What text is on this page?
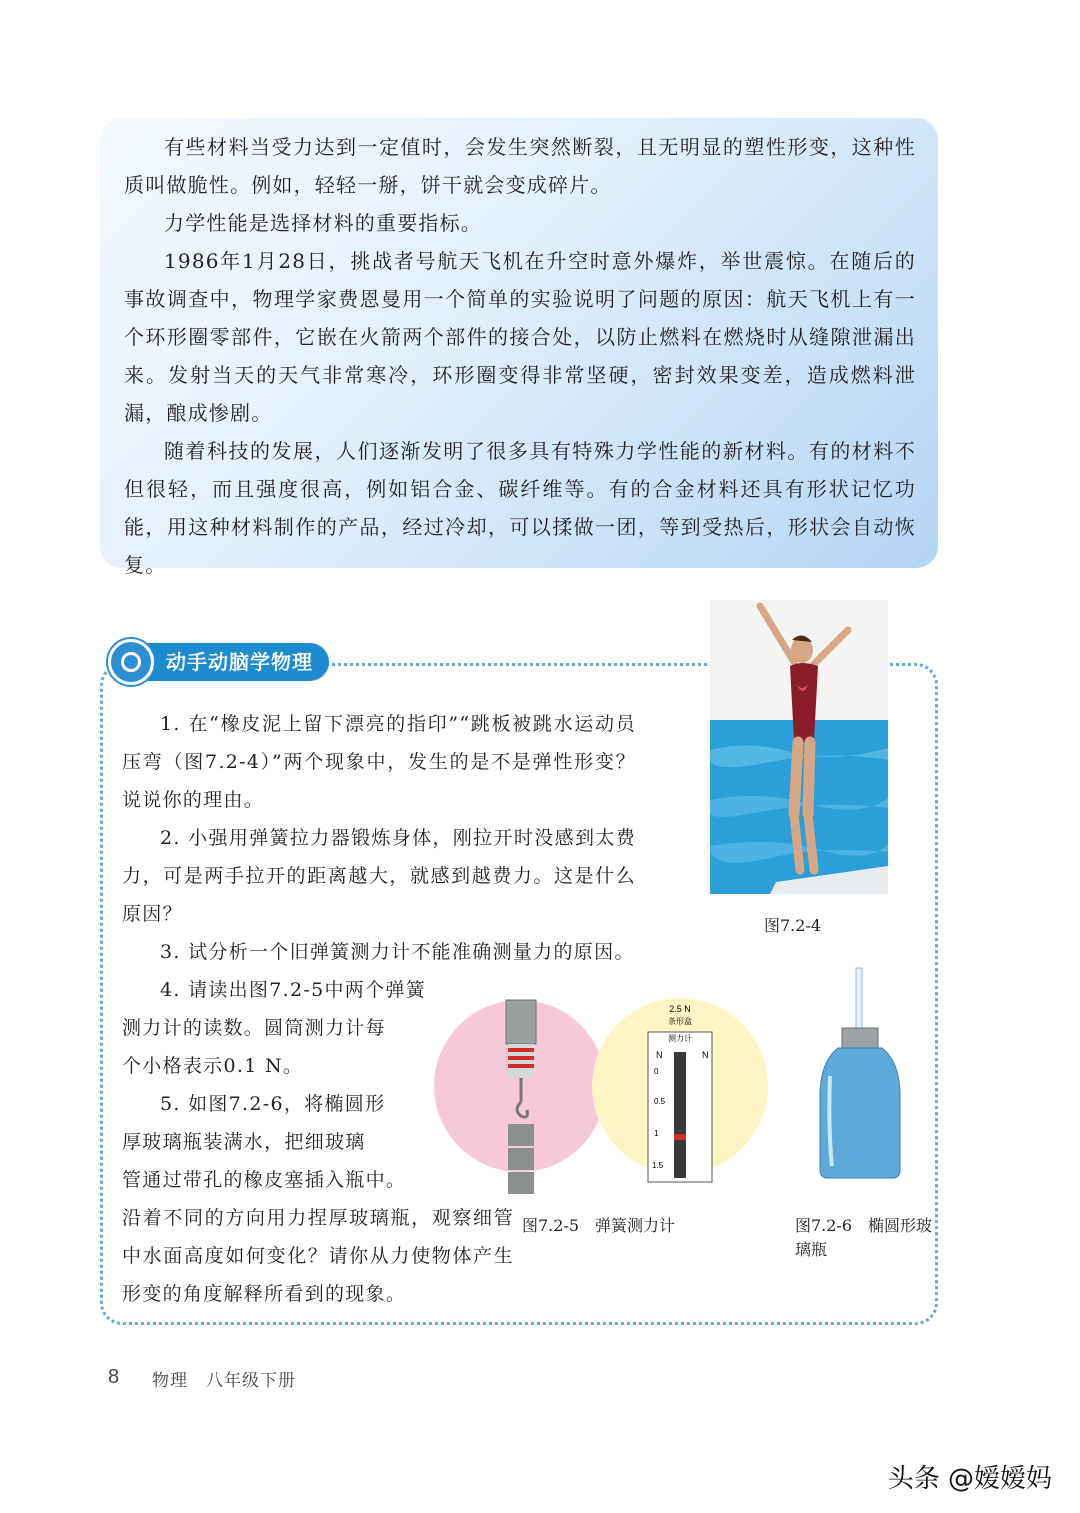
有些材料当受力达到一定值时，会发生突然断裂，且无明显的塑性形变，这种性质叫做脆性。例如，轻轻一掰，饼干就会变成碎片。

力学性能是选择材料的重要指标。

1986年1月28日，挑战者号航天飞机在升空时意外爆炸，举世震惊。在随后的事故调查中，物理学家费恩曼用一个简单的实验说明了问题的原因：航天飞机上有一个环形圈零部件，它嵌在火箭两个部件的接合处，以防止燃料在燃烧时从缝隙泄漏出来。发射当天的天气非常寒冷，环形圈变得非常坚硬，密封效果变差，造成燃料泄漏，酿成惨剧。

随着科技的发展，人们逐渐发明了很多具有特殊力学性能的新材料。有的材料不但很轻，而且强度很高，例如铝合金、碳纤维等。有的合金材料还具有形状记忆功能，用这种材料制作的产品，经过冷却，可以揉做一团，等到受热后，形状会自动恢复。

动手动脑学物理

1. 在“橡皮泥上留下漂亮的指印”“跳板被跳水运动员压弯（图7.2-4）”两个现象中，发生的是不是弹性形变？说说你的理由。

2. 小强用弹簧拉力器锻炼身体，刚拉开时没感到太费力，可是两手拉开的距离越大，就感到越费力。这是什么原因？

3. 试分析一个旧弹簧测力计不能准确测量力的原因。

4. 请读出图7.2-5中两个弹簧

测力计的读数。圆筒测力计每

个小格表示0.1 N。

5. 如图7.2-6，将椭圆形

厚玻璃瓶装满水，把细玻璃

管通过带孔的橡皮塞插入瓶中。

沿着不同的方向用力捏厚玻璃瓶，观察细管中水面高度如何变化？请你从力使物体产生形变的角度解释所看到的现象。

图7.2-4
2.5 N
条形盒
测力计
N	N
0
0.5
1
1.5
图7.2-5　弹簧测力计	图7.2-6　椭圆形玻璃瓶
8 物理　八年级下册
头条 @嫒嫒妈
